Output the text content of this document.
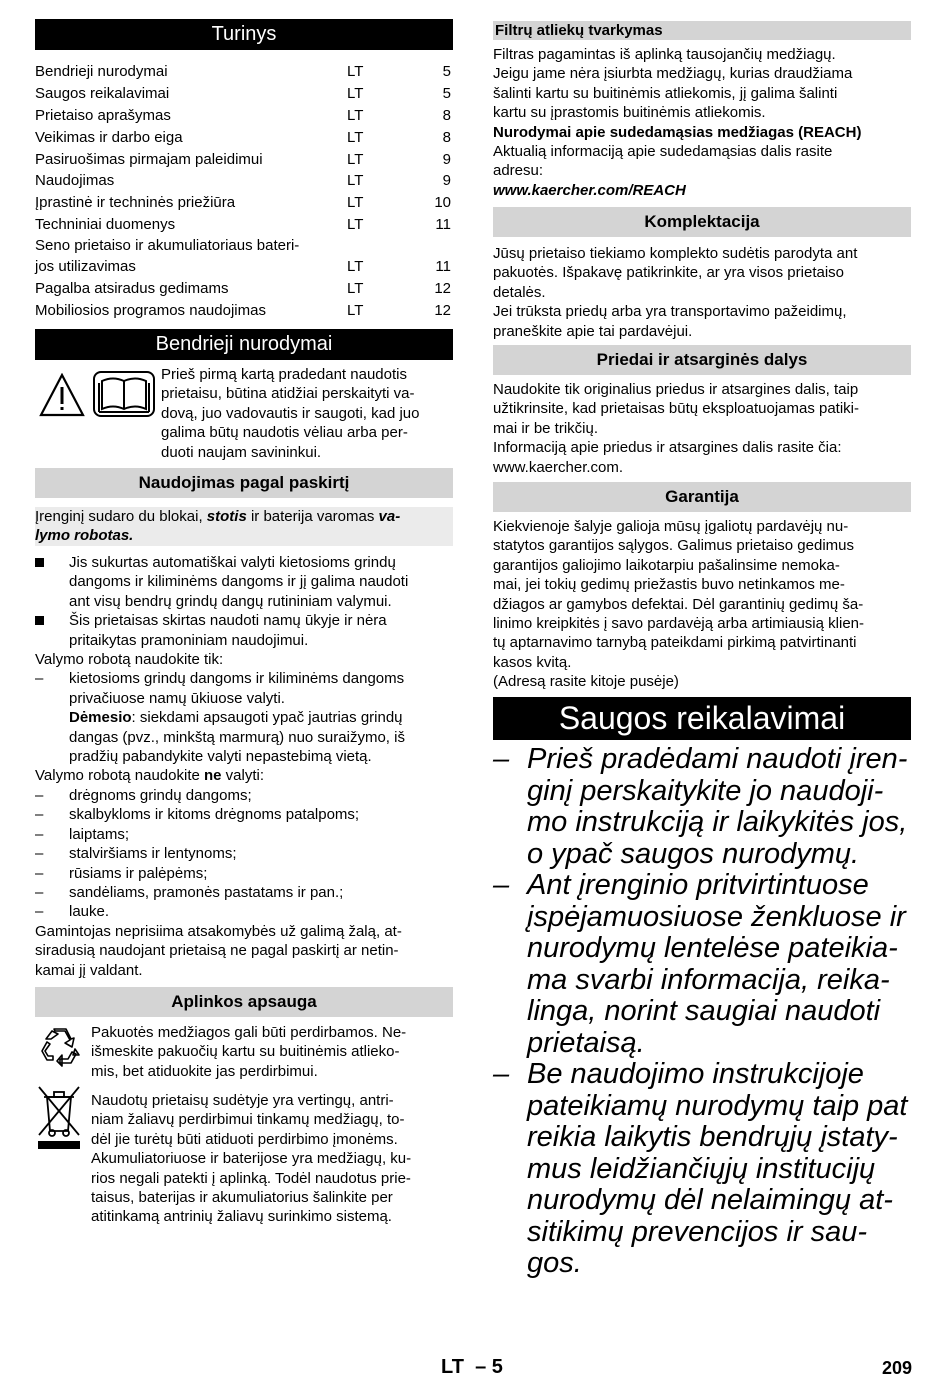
Turinys
Bendrieji nurodymai	LT	5
Saugos reikalavimai	LT	5
Prietaiso aprašymas	LT	8
Veikimas ir darbo eiga	LT	8
Pasiruošimas pirmajam paleidimui	LT	9
Naudojimas	LT	9
Įprastinė ir techninės priežiūra	LT	10
Techniniai duomenys	LT	11
Seno prietaiso ir akumuliatoriaus bateri-
jos utilizavimas	LT	11
Pagalba atsiradus gedimams	LT	12
Mobiliosios programos naudojimas	LT	12
Bendrieji nurodymai
Prieš pirmą kartą pradedant naudotis
prietaisu, būtina atidžiai perskaityti va-
dovą, juo vadovautis ir saugoti, kad juo
galima būtų naudotis vėliau arba per-
duoti naujam savininkui.
Naudojimas pagal paskirtį
Įrenginį sudaro du blokai, stotis ir baterija varomas va-
lymo robotas.
Jis sukurtas automatiškai valyti kietosioms grindų
dangoms ir kiliminėms dangoms ir jį galima naudoti
ant visų bendrų grindų dangų rutininiam valymui.
Šis prietaisas skirtas naudoti namų ūkyje ir nėra
pritaikytas pramoniniam naudojimui.
Valymo robotą naudokite tik:
–	kietosioms grindų dangoms ir kiliminėms dangoms
privačiuose namų ūkiuose valyti.
Dėmesio: siekdami apsaugoti ypač jautrias grindų
dangas (pvz., minkštą marmurą) nuo suraižymo, iš
pradžių pabandykite valyti nepastebimą vietą.
Valymo robotą naudokite ne valyti:
–	drėgnoms grindų dangoms;
–	skalbykloms ir kitoms drėgnoms patalpoms;
–	laiptams;
–	stalviršiams ir lentynoms;
–	rūsiams ir palėpėms;
–	sandėliams, pramonės pastatams ir pan.;
–	lauke.
Gamintojas neprisiima atsakomybės už galimą žalą, at-
siradusią naudojant prietaisą ne pagal paskirtį ar netin-
kamai jį valdant.
Aplinkos apsauga
Pakuotės medžiagos gali būti perdirbamos. Ne-
išmeskite pakuočių kartu su buitinėmis atlieko-
mis, bet atiduokite jas perdirbimui.
Naudotų prietaisų sudėtyje yra vertingų, antri-
niam žaliavų perdirbimui tinkamų medžiagų, to-
dėl jie turėtų būti atiduoti perdirbimo įmonėms.
Akumuliatoriuose ir baterijose yra medžiagų, ku-
rios negali patekti į aplinką. Todėl naudotus prie-
taisus, baterijas ir akumuliatorius šalinkite per
atitinkamą antrinių žaliavų surinkimo sistemą.
Filtrų atliekų tvarkymas
Filtras pagamintas iš aplinką tausojančių medžiagų.
Jeigu jame nėra įsiurbta medžiagų, kurias draudžiama
šalinti kartu su buitinėmis atliekomis, jį galima šalinti
kartu su įprastomis buitinėmis atliekomis.
Nurodymai apie sudedamąsias medžiagas (REACH)
Aktualią informaciją apie sudedamąsias dalis rasite
adresu:
www.kaercher.com/REACH
Komplektacija
Jūsų prietaiso tiekiamo komplekto sudėtis parodyta ant
pakuotės. Išpakavę patikrinkite, ar yra visos prietaiso
detalės.
Jei trūksta priedų arba yra transportavimo pažeidimų,
praneškite apie tai pardavėjui.
Priedai ir atsarginės dalys
Naudokite tik originalius priedus ir atsargines dalis, taip
užtikrinsite, kad prietaisas būtų eksploatuojamas patiki-
mai ir be trikčių.
Informaciją apie priedus ir atsargines dalis rasite čia:
www.kaercher.com.
Garantija
Kiekvienoje šalyje galioja mūsų įgaliotų pardavėjų nu-
statytos garantijos sąlygos. Galimus prietaiso gedimus
garantijos galiojimo laikotarpiu pašalinsime nemoka-
mai, jei tokių gedimų priežastis buvo netinkamos me-
džiagos ar gamybos defektai. Dėl garantinių gedimų ša-
linimo kreipkitės į savo pardavėją arba artimiausią klien-
tų aptarnavimo tarnybą pateikdami pirkimą patvirtinanti
kasos kvitą.
(Adresą rasite kitoje pusėje)
Saugos reikalavimai
– Prieš pradėdami naudoti įren-
ginį perskaitykite jo naudoji-
mo instrukciją ir laikykitės jos,
o ypač saugos nurodymų.
– Ant įrenginio pritvirtintuose
įspėjamuosiuose ženkluose ir
nurodymų lentelėse pateikia-
ma svarbi informacija, reika-
linga, norint saugiai naudoti
prietaisą.
– Be naudojimo instrukcijoje
pateikiamų nurodymų taip pat
reikia laikytis bendrųjų įstaty-
mus leidžiančiųjų institucijų
nurodymų dėl nelaimingų at-
sitikimų prevencijos ir sau-
gos.
LT  – 5	209
